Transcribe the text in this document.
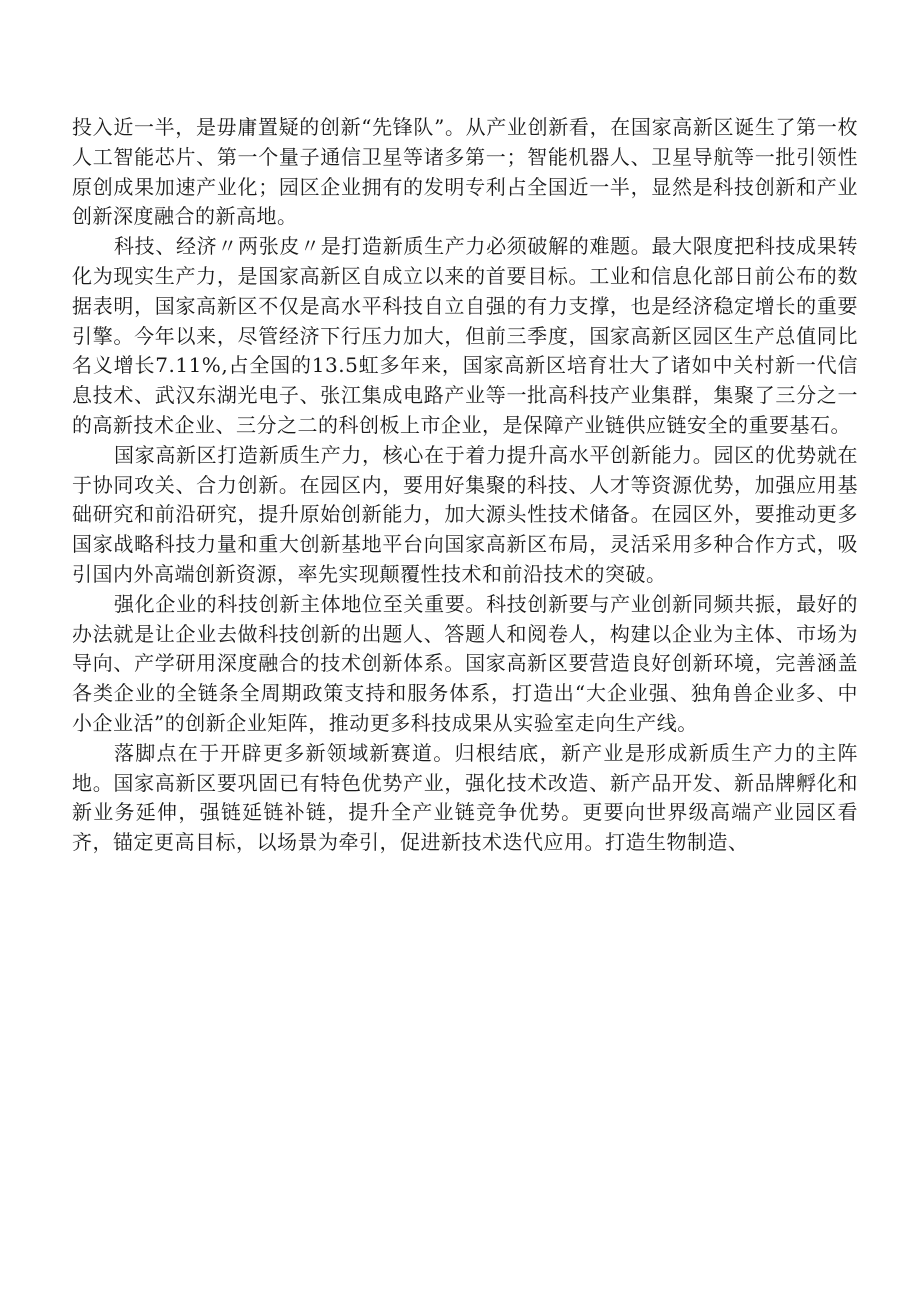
投入近一半，是毋庸置疑的创新“先锋队”。从产业创新看，在国家高新区诞生了第一枚人工智能芯片、第一个量子通信卫星等诸多第一；智能机器人、卫星导航等一批引领性原创成果加速产业化；园区企业拥有的发明专利占全国近一半，显然是科技创新和产业创新深度融合的新高地。

科技、经济〃两张皮〃是打造新质生产力必须破解的难题。最大限度把科技成果转化为现实生产力，是国家高新区自成立以来的首要目标。工业和信息化部日前公布的数据表明，国家高新区不仅是高水平科技自立自强的有力支撑，也是经济稳定增长的重要引擎。今年以来，尽管经济下行压力加大，但前三季度，国家高新区园区生产总值同比名义增长7.11%,占全国的13.5虹多年来，国家高新区培育壮大了诸如中关村新一代信息技术、武汉东湖光电子、张江集成电路产业等一批高科技产业集群，集聚了三分之一的高新技术企业、三分之二的科创板上市企业，是保障产业链供应链安全的重要基石。

国家高新区打造新质生产力，核心在于着力提升高水平创新能力。园区的优势就在于协同攻关、合力创新。在园区内，要用好集聚的科技、人才等资源优势，加强应用基础研究和前沿研究，提升原始创新能力，加大源头性技术储备。在园区外，要推动更多国家战略科技力量和重大创新基地平台向国家高新区布局，灵活采用多种合作方式，吸引国内外高端创新资源，率先实现颠覆性技术和前沿技术的突破。

强化企业的科技创新主体地位至关重要。科技创新要与产业创新同频共振，最好的办法就是让企业去做科技创新的出题人、答题人和阅卷人，构建以企业为主体、市场为导向、产学研用深度融合的技术创新体系。国家高新区要营造良好创新环境，完善涵盖各类企业的全链条全周期政策支持和服务体系，打造出“大企业强、独角兽企业多、中小企业活”的创新企业矩阵，推动更多科技成果从实验室走向生产线。

落脚点在于开辟更多新领域新赛道。归根结底，新产业是形成新质生产力的主阵地。国家高新区要巩固已有特色优势产业，强化技术改造、新产品开发、新品牌孵化和新业务延伸，强链延链补链，提升全产业链竞争优势。更要向世界级高端产业园区看齐，锚定更高目标，以场景为牵引，促进新技术迭代应用。打造生物制造、
